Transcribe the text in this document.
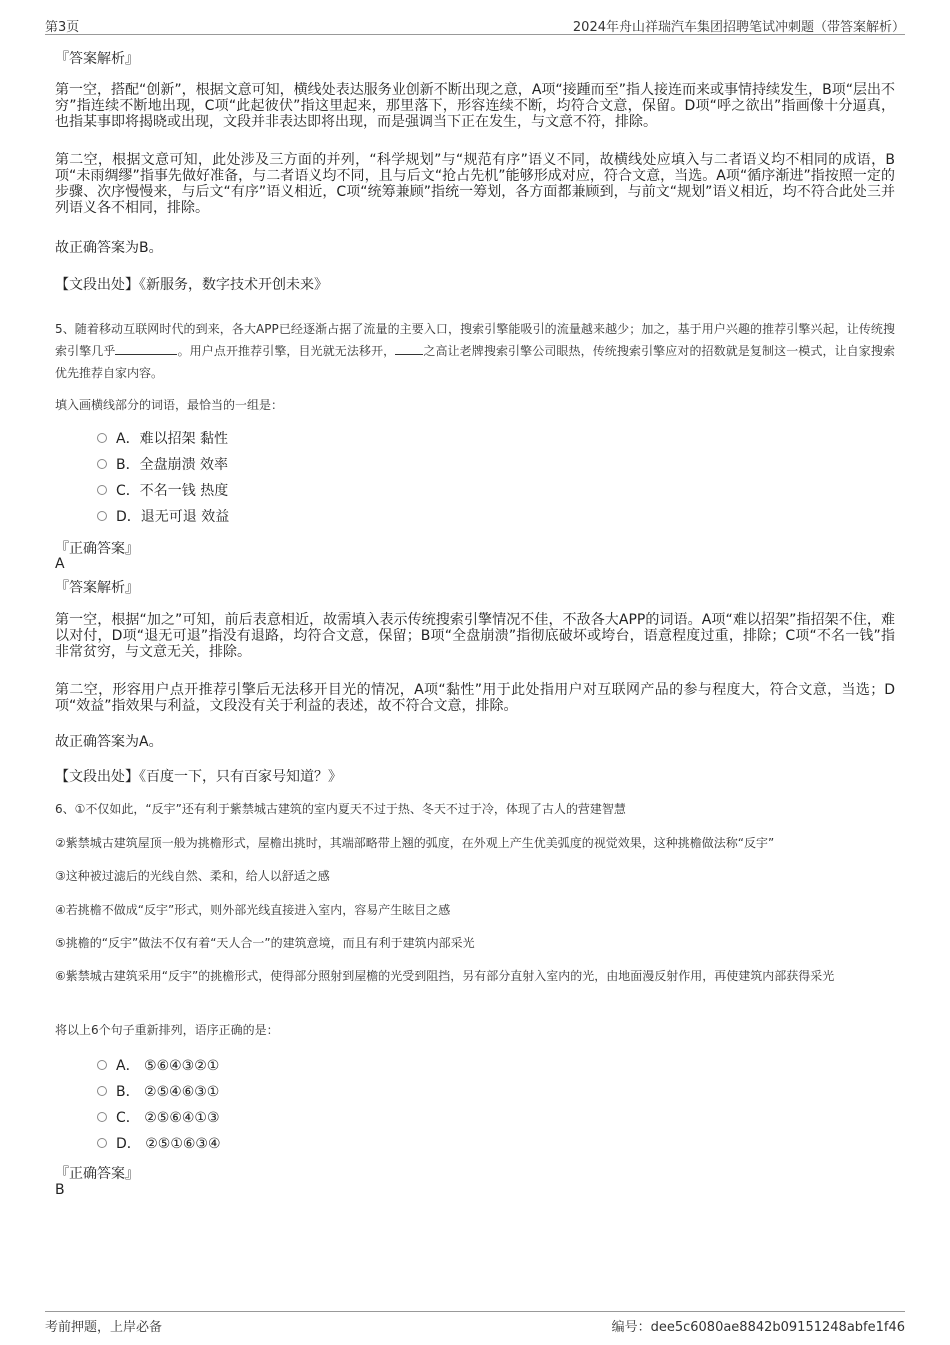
第3页	2024年舟山祥瑞汽车集团招聘笔试冲刺题（带答案解析）
『答案解析』
第一空，搭配“创新”，根据文意可知，横线处表达服务业创新不断出现之意，A项“接踵而至”指人接连而来或事情持续发生，B项“层出不穷”指连续不断地出现，C项“此起彼伏”指这里起来，那里落下，形容连续不断，均符合文意，保留。D项“呼之欲出”指画像十分逼真，也指某事即将揭晓或出现，文段并非表达即将出现，而是强调当下正在发生，与文意不符，排除。
第二空，根据文意可知，此处涉及三方面的并列，“科学规划”与“规范有序”语义不同，故横线处应填入与二者语义均不相同的成语，B项“未雨绸缪”指事先做好准备，与二者语义均不同，且与后文“抢占先机”能够形成对应，符合文意，当选。A项“循序渐进”指按照一定的步骤、次序慢慢来，与后文“有序”语义相近，C项“统筹兼顾”指统一筹划，各方面都兼顾到，与前文“规划”语义相近，均不符合此处三并列语义各不相同，排除。
故正确答案为B。
【文段出处】《新服务，数字技术开创未来》
5、随着移动互联网时代的到来，各大APP已经逐渐占据了流量的主要入口，搜索引擎能吸引的流量越来越少；加之，基于用户兴趣的推荐引擎兴起，让传统搜索引擎几乎	。用户点开推荐引擎，目光就无法移开， 之高让老牌搜索引擎公司眼热，传统搜索引擎应对的招数就是复制这一模式，让自家搜索优先推荐自家内容。
填入画横线部分的词语，最恰当的一组是：
A．难以招架 黏性
B．全盘崩溃 效率
C．不名一钱 热度
D．退无可退 效益
『正确答案』
A
『答案解析』
第一空，根据“加之”可知，前后表意相近，故需填入表示传统搜索引擎情况不佳，不敌各大APP的词语。A项“难以招架”指招架不住，难以对付，D项“退无可退”指没有退路，均符合文意，保留；B项“全盘崩溃”指彻底破坏或垮台，语意程度过重，排除；C项“不名一钱”指非常贫穷，与文意无关，排除。
第二空，形容用户点开推荐引擎后无法移开目光的情况，A项“黏性”用于此处指用户对互联网产品的参与程度大，符合文意，当选；D项“效益”指效果与利益，文段没有关于利益的表述，故不符合文意，排除。
故正确答案为A。
【文段出处】《百度一下，只有百家号知道？》
6、①不仅如此，“反宇”还有利于紫禁城古建筑的室内夏天不过于热、冬天不过于冷，体现了古人的营建智慧
②紫禁城古建筑屋顶一般为挑檐形式，屋檐出挑时，其端部略带上翘的弧度，在外观上产生优美弧度的视觉效果，这种挑檐做法称“反宇”
③这种被过滤后的光线自然、柔和，给人以舒适之感
④若挑檐不做成“反宇”形式，则外部光线直接进入室内，容易产生眩目之感
⑤挑檐的“反宇”做法不仅有着“天人合一”的建筑意境，而且有利于建筑内部采光
⑥紫禁城古建筑采用“反宇”的挑檐形式，使得部分照射到屋檐的光受到阻挡，另有部分直射入室内的光，由地面漫反射作用，再使建筑内部获得采光
将以上6个句子重新排列，语序正确的是：
A． ⑤⑥④③②①
B． ②⑤④⑥③①
C． ②⑤⑥④①③
D． ②⑤①⑥③④
『正确答案』
B
考前押题，上岸必备	编号：dee5c6080ae8842b09151248abfe1f46
